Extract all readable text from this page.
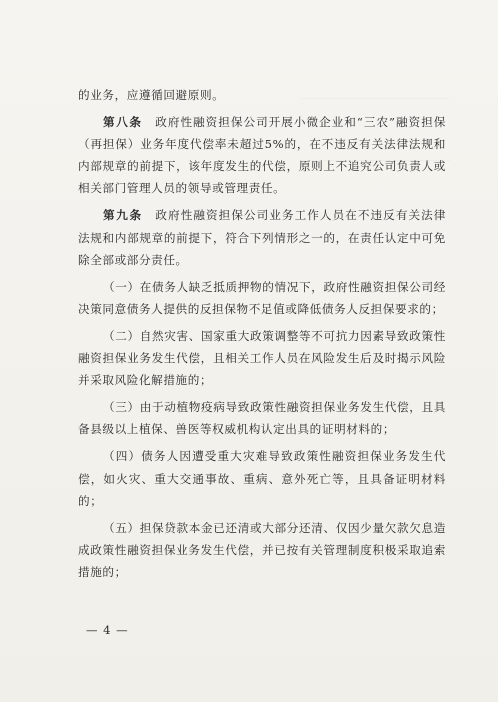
的业务，应遵循回避原则。

第八条　 政府性融资担保公司开展小微企业和“三农”融资担保（再担保）业务年度代偿率未超过5%的，在不违反有关法律法规和内部规章的前提下，该年度发生的代偿，原则上不追究公司负责人或相关部门管理人员的领导或管理责任。

第九条　 政府性融资担保公司业务工作人员在不违反有关法律法规和内部规章的前提下，符合下列情形之一的，在责任认定中可免除全部或部分责任。

（一）在债务人缺乏抵质押物的情况下，政府性融资担保公司经决策同意债务人提供的反担保物不足值或降低债务人反担保要求的；

（二）自然灾害、国家重大政策调整等不可抗力因素导致政策性融资担保业务发生代偿，且相关工作人员在风险发生后及时揭示风险并采取风险化解措施的；

（三）由于动植物疫病导致政策性融资担保业务发生代偿，且具备县级以上植保、兽医等权威机构认定出具的证明材料的；

（四）债务人因遭受重大灾难导致政策性融资担保业务发生代偿，如火灾、重大交通事故、重病、意外死亡等，且具备证明材料的；

（五）担保贷款本金已还清或大部分还清、仅因少量欠款欠息造成政策性融资担保业务发生代偿，并已按有关管理制度积极采取追索措施的；

— 4 —
